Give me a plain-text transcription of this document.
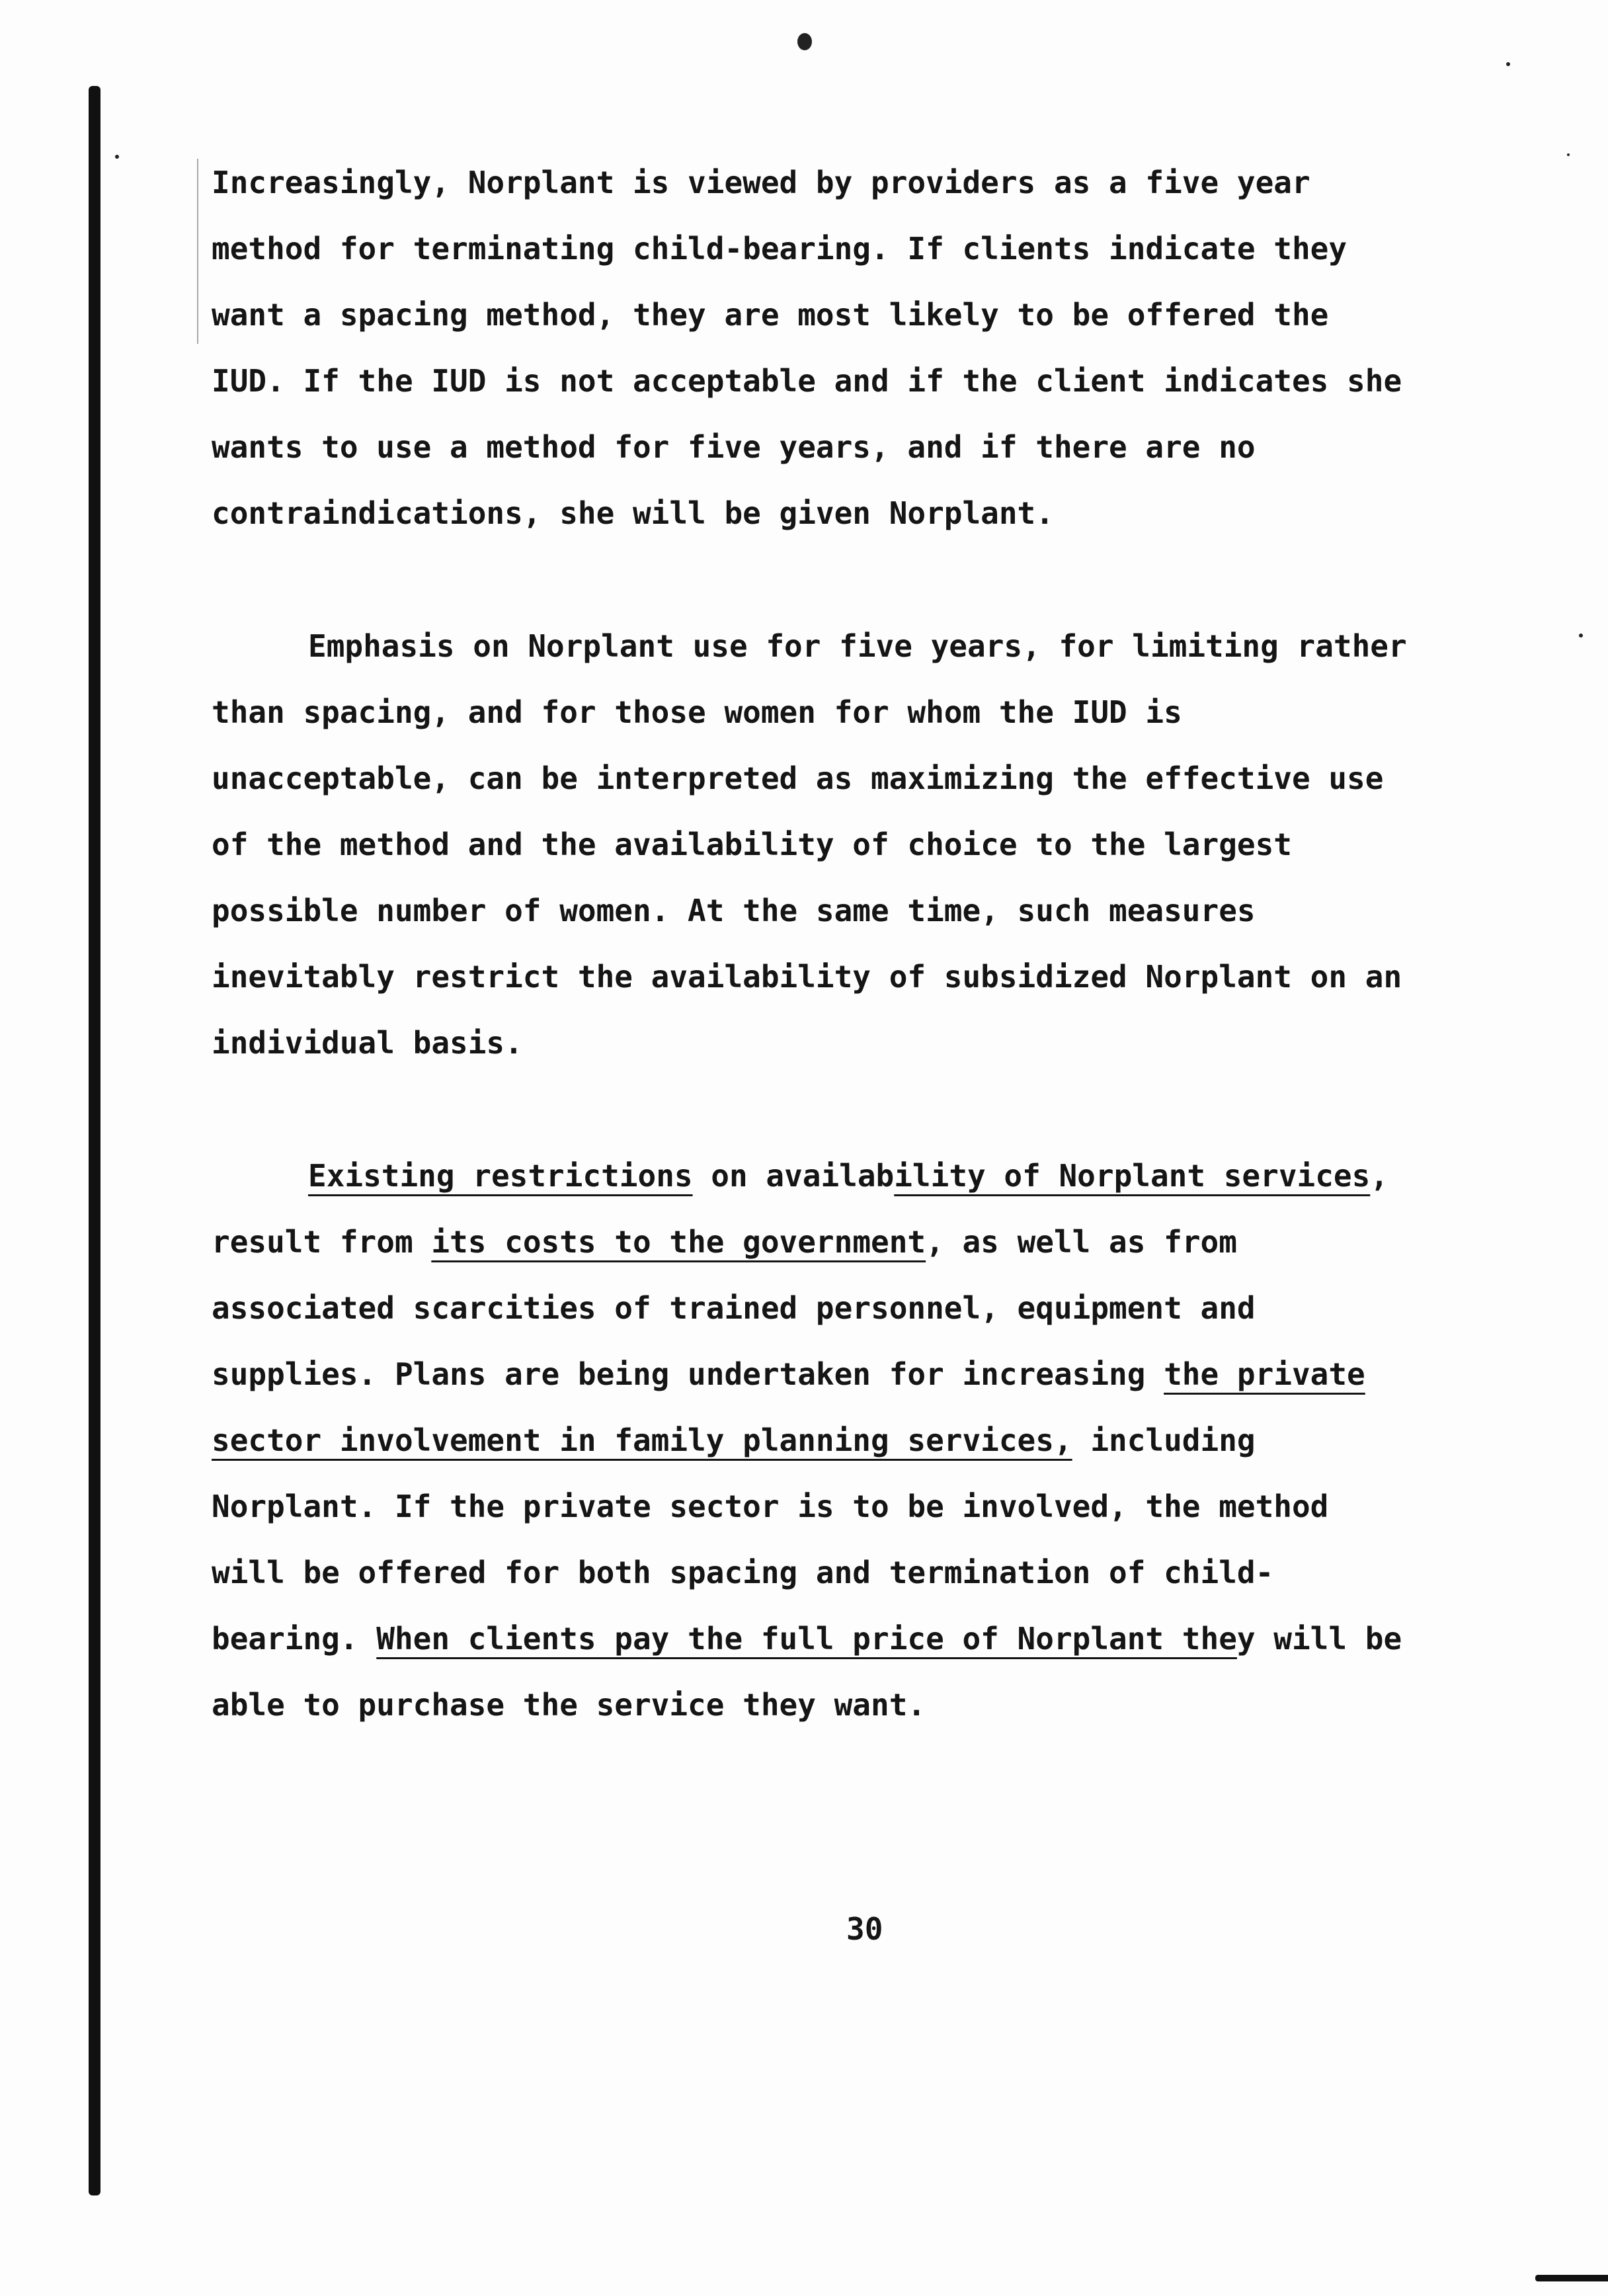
Increasingly, Norplant is viewed by providers as a five year
method for terminating child-bearing. If clients indicate they
want a spacing method, they are most likely to be offered the
IUD. If the IUD is not acceptable and if the client indicates she
wants to use a method for five years, and if there are no
contraindications, she will be given Norplant.
Emphasis on Norplant use for five years, for limiting rather
than spacing, and for those women for whom the IUD is
unacceptable, can be interpreted as maximizing the effective use
of the method and the availability of choice to the largest
possible number of women. At the same time, such measures
inevitably restrict the availability of subsidized Norplant on an
individual basis.
Existing restrictions on availability of Norplant services,
result from its costs to the government, as well as from
associated scarcities of trained personnel, equipment and
supplies. Plans are being undertaken for increasing the private
sector involvement in family planning services, including
Norplant. If the private sector is to be involved, the method
will be offered for both spacing and termination of child-
bearing. When clients pay the full price of Norplant they will be
able to purchase the service they want.
30
